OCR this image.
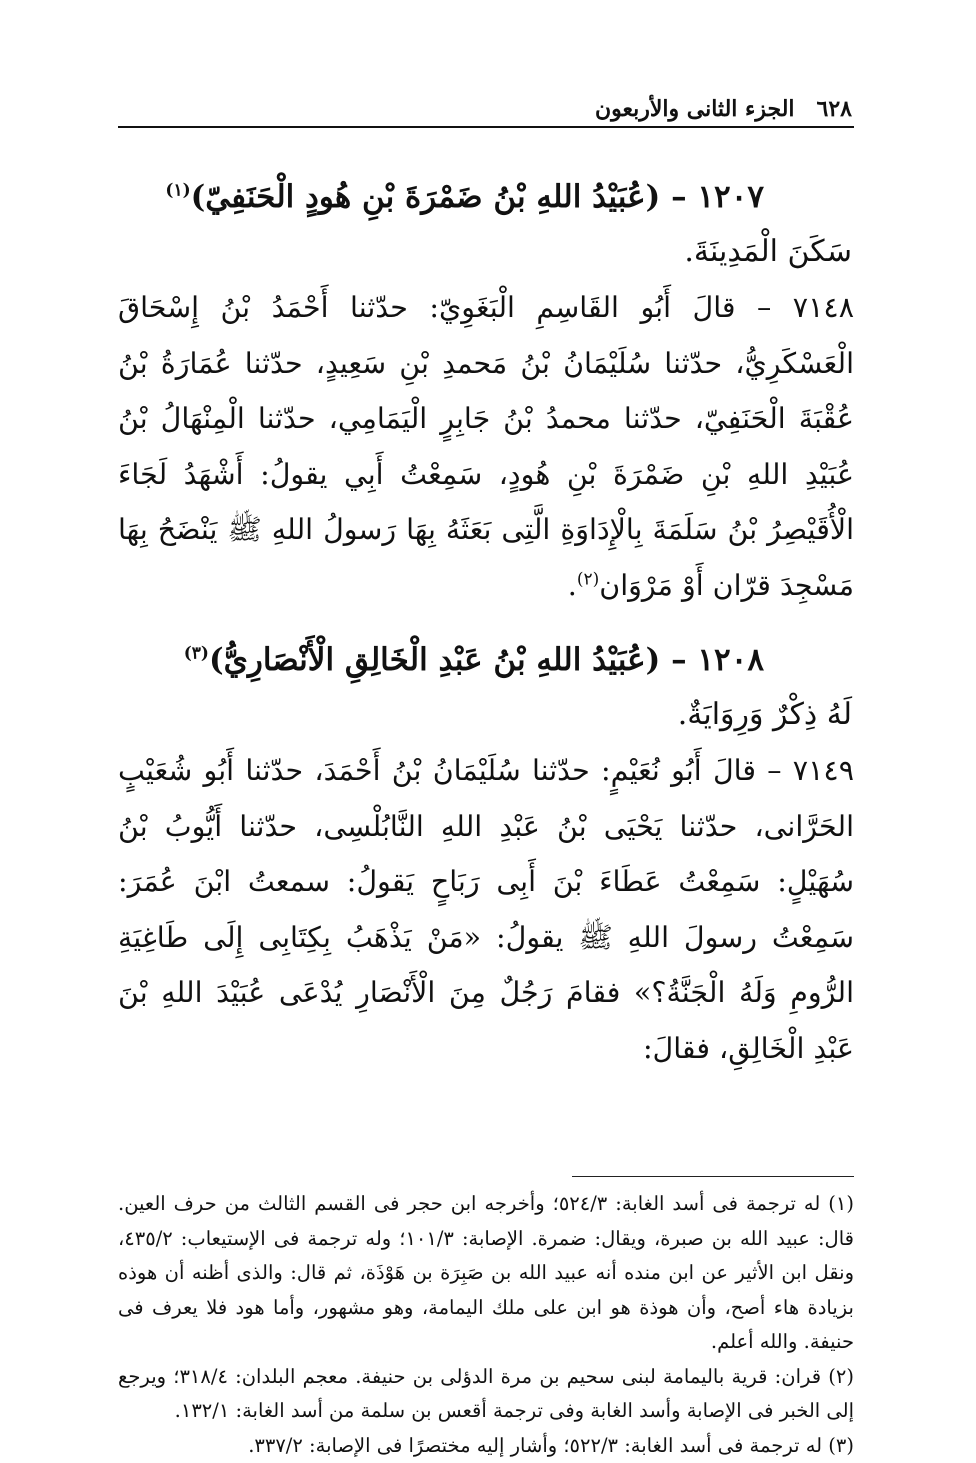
٦٢٨
الجزء الثانى والأربعون
١٢٠٧ – (عُبَيْدُ اللهِ بْنُ ضَمْرَةَ بْنِ هُودٍ الْحَنَفِيّ)$^{(١)}$
سَكَنَ الْمَدِينَةَ.
٧١٤٨ – قالَ أَبُو القَاسِمِ الْبَغَوِيّ: حدّثنا أَحْمَدُ بْنُ إِسْحَاقَ الْعَسْكَرِيُّ، حدّثنا سُلَيْمَانُ بْنُ مَحمدِ بْنِ سَعِيدٍ، حدّثنا عُمَارَةُ بْنُ عُقْبَةَ الْحَنَفِيّ، حدّثنا محمدُ بْنُ جَابِرٍ الْيَمَامِي، حدّثنا الْمِنْهَالُ بْنُ عُبَيْدِ اللهِ بْنِ ضَمْرَةَ بْنِ هُودٍ، سَمِعْتُ أَبِي يقولُ: أَشْهَدُ لَجَاءَ الْأُقَيْصِرُ بْنُ سَلَمَةَ بِالْإِدَاوَةِ الَّتِى بَعَثَهُ بِهَا رَسولُ اللهِ ﷺ يَنْضَحُ بِهَا مَسْجِدَ قرّان أَوْ مَرْوَان$^{(٢)}$.
١٢٠٨ – (عُبَيْدُ اللهِ بْنُ عَبْدِ الْخَالِقِ الْأَنْصَارِيُّ)$^{(٣)}$
لَهُ ذِكْرٌ وَرِوَايَةٌ.
٧١٤٩ – قالَ أَبُو نُعَيْمٍ: حدّثنا سُلَيْمَانُ بْنُ أَحْمَدَ، حدّثنا أَبُو شُعَيْبٍ الحَرَّانى، حدّثنا يَحْيَى بْنُ عَبْدِ اللهِ النَّابُلْسِى، حدّثنا أَيُّوبُ بْنُ سُهَيْلٍ: سَمِعْتُ عَطَاءَ بْنَ أَبِى رَبَاحٍ يَقولُ: سمعتُ ابْنَ عُمَرَ: سَمِعْتُ رسولَ اللهِ ﷺ يقولُ: «مَنْ يَذْهَبُ بِكِتَابِى إِلَى طَاغِيَةِ الرُّومِ وَلَهُ الْجَنَّةُ؟» فقامَ رَجُلٌ مِنَ الْأَنْصَارِ يُدْعَى عُبَيْدَ اللهِ بْنَ عَبْدِ الْخَالِقِ، فقالَ:

(١) له ترجمة فى أسد الغابة: ٥٢٤/٣؛ وأخرجه ابن حجر فى القسم الثالث من حرف العين. قال: عبيد الله بن صبرة، ويقال: ضمرة. الإصابة: ١٠١/٣؛ وله ترجمة فى الإستيعاب: ٤٣٥/٢، ونقل ابن الأثير عن ابن منده أنه عبيد الله بن صَبِرَة بن هَوْذَة، ثم قال: والذى أظنه أن هوذه بزيادة هاء أصح، وأن هوذة هو ابن على ملك اليمامة، وهو مشهور، وأما هود فلا يعرف فى حنيفة. والله أعلم.

(٢) قران: قرية باليمامة لبنى سحيم بن مرة الدؤلى بن حنيفة. معجم البلدان: ٣١٨/٤؛ ويرجع إلى الخبر فى الإصابة وأسد الغابة وفى ترجمة أقعس بن سلمة من أسد الغابة: ١٣٢/١.

(٣) له ترجمة فى أسد الغابة: ٥٢٢/٣؛ وأشار إليه مختصرًا فى الإصابة: ٣٣٧/٢.
